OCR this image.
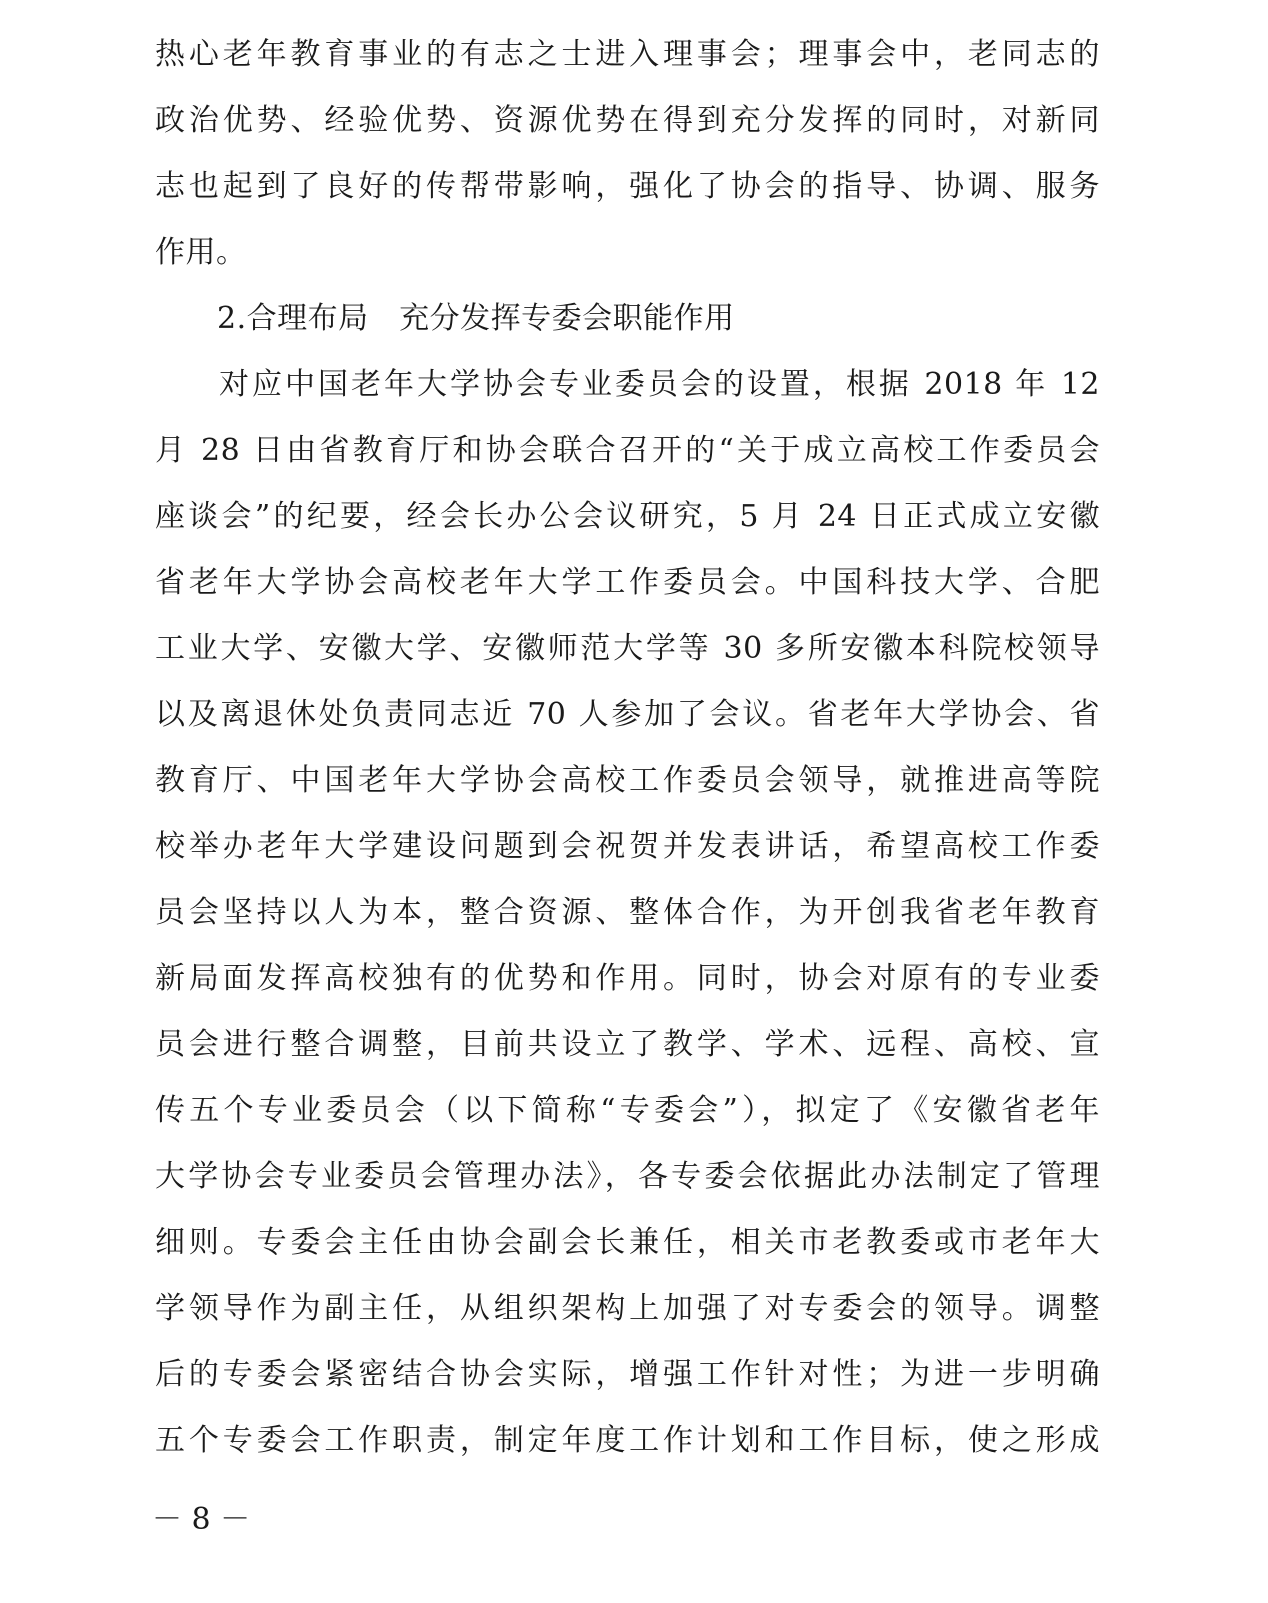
热心老年教育事业的有志之士进入理事会；理事会中，老同志的
政治优势、经验优势、资源优势在得到充分发挥的同时，对新同
志也起到了良好的传帮带影响，强化了协会的指导、协调、服务
作用。
2.合理布局　充分发挥专委会职能作用
对应中国老年大学协会专业委员会的设置，根据 2018 年 12
月 28 日由省教育厅和协会联合召开的“关于成立高校工作委员会
座谈会”的纪要，经会长办公会议研究，5 月 24 日正式成立安徽
省老年大学协会高校老年大学工作委员会。中国科技大学、合肥
工业大学、安徽大学、安徽师范大学等 30 多所安徽本科院校领导
以及离退休处负责同志近 70 人参加了会议。省老年大学协会、省
教育厅、中国老年大学协会高校工作委员会领导，就推进高等院
校举办老年大学建设问题到会祝贺并发表讲话，希望高校工作委
员会坚持以人为本，整合资源、整体合作，为开创我省老年教育
新局面发挥高校独有的优势和作用。同时，协会对原有的专业委
员会进行整合调整，目前共设立了教学、学术、远程、高校、宣
传五个专业委员会（以下简称“专委会”），拟定了《安徽省老年
大学协会专业委员会管理办法》，各专委会依据此办法制定了管理
细则。专委会主任由协会副会长兼任，相关市老教委或市老年大
学领导作为副主任，从组织架构上加强了对专委会的领导。调整
后的专委会紧密结合协会实际，增强工作针对性；为进一步明确
五个专委会工作职责，制定年度工作计划和工作目标，使之形成
－ 8 －
